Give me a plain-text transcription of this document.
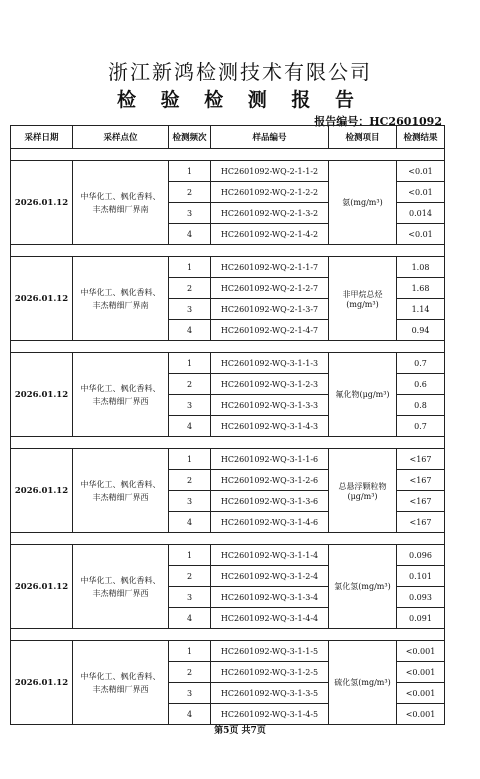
浙江新鸿检测技术有限公司
检 验 检 测 报 告
报告编号：HC2601092
采样日期	采样点位	检测频次	样品编号	检测项目	检测结果

2026.01.12	中华化工、枫化香料、
丰杰精细厂界南	1	HC2601092-WQ-2-1-1-2	氨(mg/m³)	<0.01
		2	HC2601092-WQ-2-1-2-2		<0.01
		3	HC2601092-WQ-2-1-3-2		0.014
		4	HC2601092-WQ-2-1-4-2		<0.01

2026.01.12	中华化工、枫化香料、
丰杰精细厂界南	1	HC2601092-WQ-2-1-1-7	非甲烷总烃(mg/m³)	1.08
		2	HC2601092-WQ-2-1-2-7		1.68
		3	HC2601092-WQ-2-1-3-7		1.14
		4	HC2601092-WQ-2-1-4-7		0.94

2026.01.12	中华化工、枫化香料、
丰杰精细厂界西	1	HC2601092-WQ-3-1-1-3	氟化物(μg/m³)	0.7
		2	HC2601092-WQ-3-1-2-3		0.6
		3	HC2601092-WQ-3-1-3-3		0.8
		4	HC2601092-WQ-3-1-4-3		0.7

2026.01.12	中华化工、枫化香料、
丰杰精细厂界西	1	HC2601092-WQ-3-1-1-6	总悬浮颗粒物(μg/m³)	<167
		2	HC2601092-WQ-3-1-2-6		<167
		3	HC2601092-WQ-3-1-3-6		<167
		4	HC2601092-WQ-3-1-4-6		<167

2026.01.12	中华化工、枫化香料、
丰杰精细厂界西	1	HC2601092-WQ-3-1-1-4	氯化氢(mg/m³)	0.096
		2	HC2601092-WQ-3-1-2-4		0.101
		3	HC2601092-WQ-3-1-3-4		0.093
		4	HC2601092-WQ-3-1-4-4		0.091

2026.01.12	中华化工、枫化香料、
丰杰精细厂界西	1	HC2601092-WQ-3-1-1-5	硫化氢(mg/m³)	<0.001
		2	HC2601092-WQ-3-1-2-5		<0.001
		3	HC2601092-WQ-3-1-3-5		<0.001
		4	HC2601092-WQ-3-1-4-5		<0.001
第5页 共7页
